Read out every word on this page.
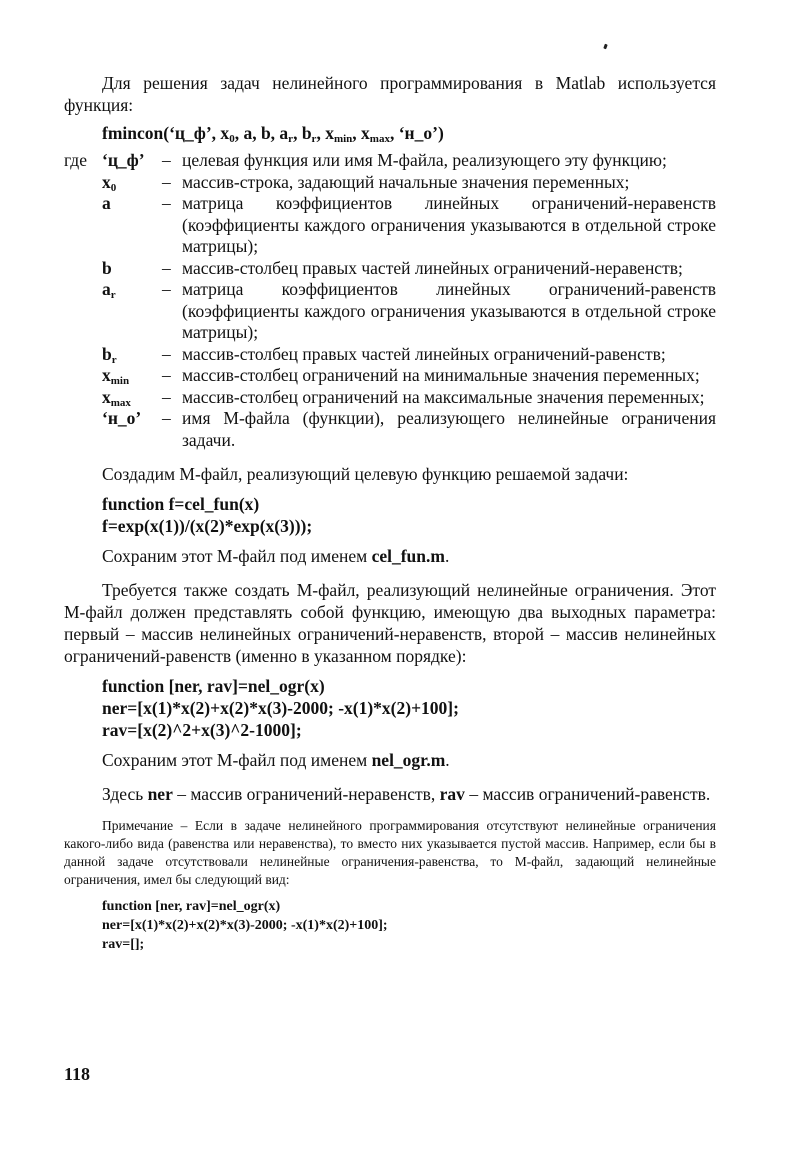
Для решения задач нелинейного программирования в Matlab используется функция:

fmincon(‘ц_ф’, $x_0$, a, b, $a_r$, $b_r$, $x_{min}$, $x_{max}$, ‘н_о’)
где ‘ц_ф’ – целевая функция или имя М-файла, реализующего эту функцию;
$x_0$	– массив-строка, задающий начальные значения переменных;
a	– матрица коэффициентов линейных ограничений-неравенств (коэффициенты каждого ограничения указываются в отдельной строке матрицы);
b	– массив-столбец правых частей линейных ограничений-неравенств;
$a_r$	– матрица коэффициентов линейных ограничений-равенств (коэффициенты каждого ограничения указываются в отдельной строке матрицы);
$b_r$	– массив-столбец правых частей линейных ограничений-равенств;
$x_{min}$	– массив-столбец ограничений на минимальные значения переменных;
$x_{max}$	– массив-столбец ограничений на максимальные значения переменных;
‘н_о’	– имя М-файла (функции), реализующего нелинейные ограничения задачи.

Создадим М-файл, реализующий целевую функцию решаемой задачи:

function f=cel_fun(x)
f=exp(x(1))/(x(2)*exp(x(3)));

Сохраним этот М-файл под именем cel_fun.m.

Требуется также создать М-файл, реализующий нелинейные ограничения. Этот М-файл должен представлять собой функцию, имеющую два выходных параметра: первый – массив нелинейных ограничений-неравенств, второй – массив нелинейных ограничений-равенств (именно в указанном порядке):

function [ner, rav]=nel_ogr(x)
ner=[x(1)*x(2)+x(2)*x(3)-2000; -x(1)*x(2)+100];
rav=[x(2)^2+x(3)^2-1000];

Сохраним этот М-файл под именем nel_ogr.m.

Здесь ner – массив ограничений-неравенств, rav – массив ограничений-равенств.

Примечание – Если в задаче нелинейного программирования отсутствуют нелинейные ограничения какого-либо вида (равенства или неравенства), то вместо них указывается пустой массив. Например, если бы в данной задаче отсутствовали нелинейные ограничения-равенства, то М-файл, задающий нелинейные ограничения, имел бы следующий вид:

function [ner, rav]=nel_ogr(x)
ner=[x(1)*x(2)+x(2)*x(3)-2000; -x(1)*x(2)+100];
rav=[];
118
